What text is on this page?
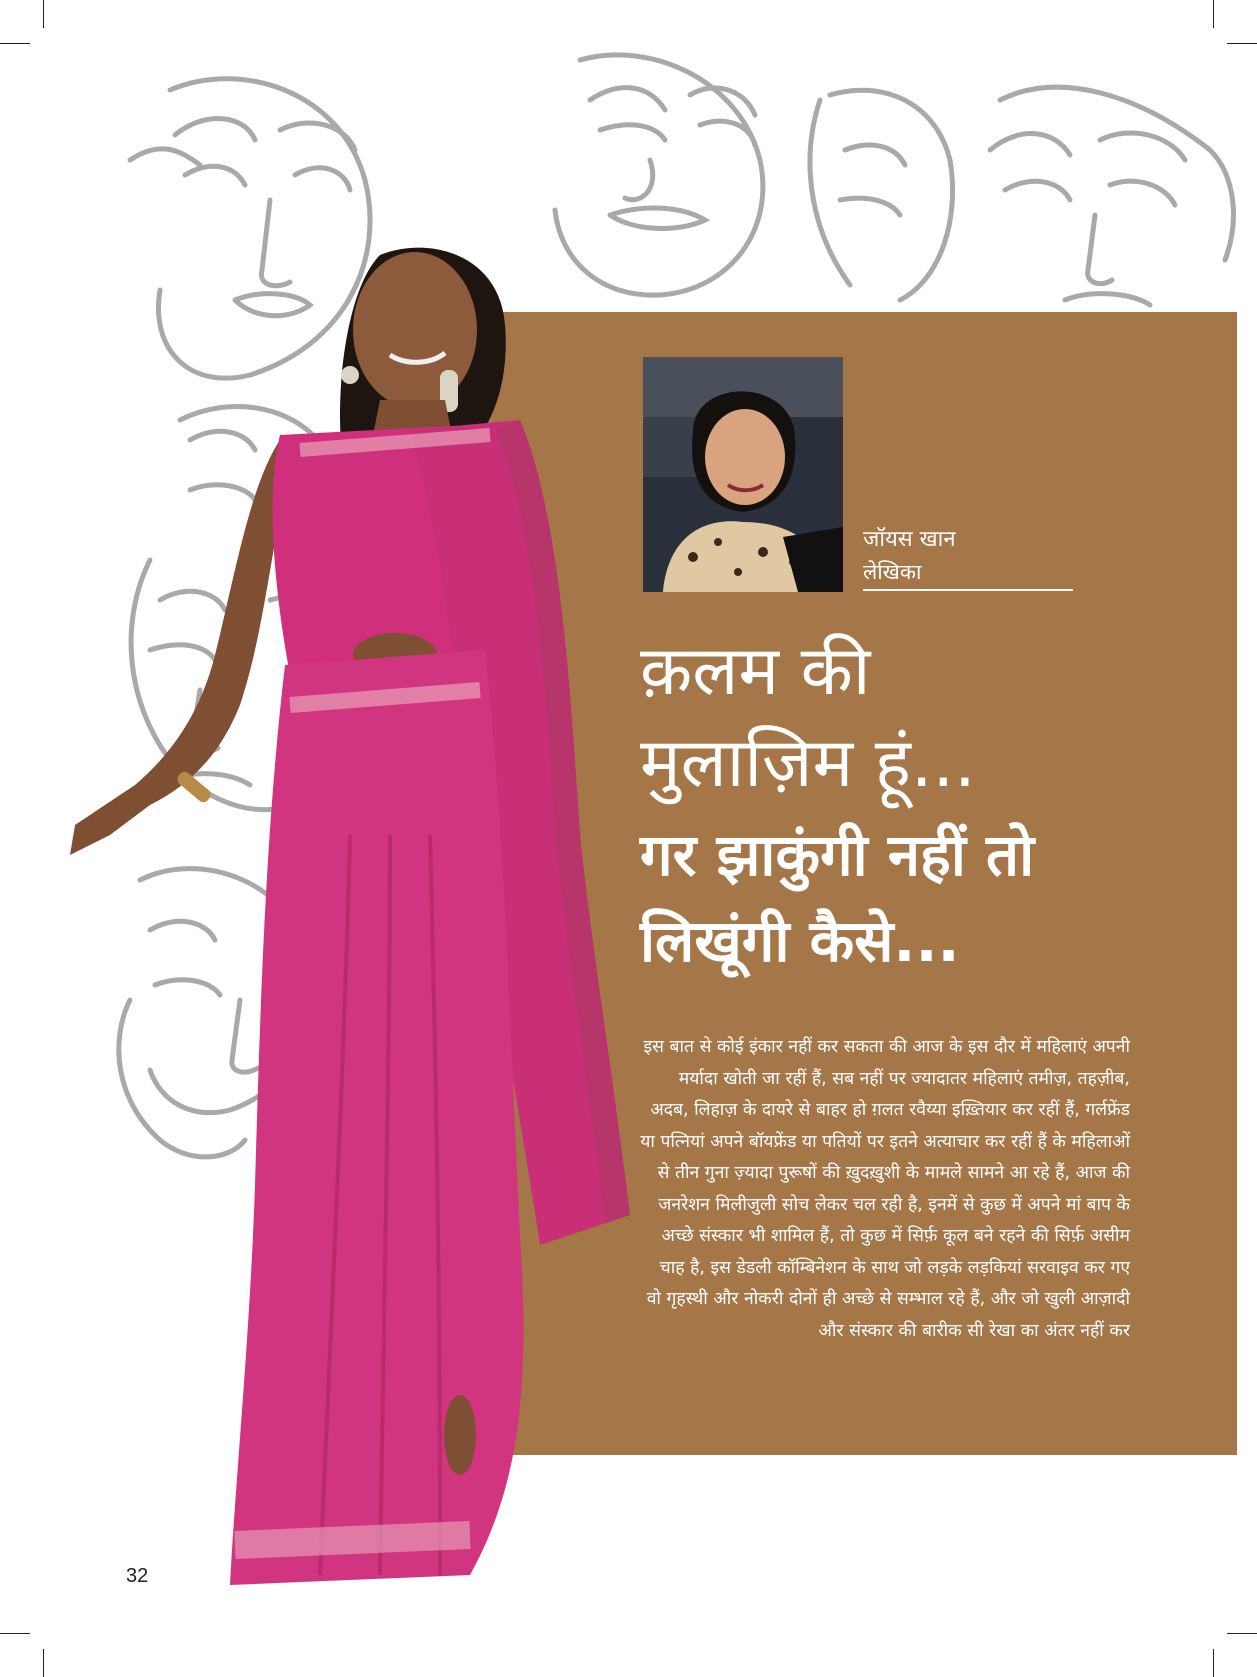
जॉयस खान
लेखिका
क़लम की
मुलाज़िम हूं...
गर झाकुंगी नहीं तो
लिखूंगी कैसे...
इस बात से कोई इंकार नहीं कर सकता की आज के इस दौर में महिलाएं अपनी मर्यादा खोती जा रहीं हैं, सब नहीं पर ज्यादातर महिलाएं तमीज़, तहज़ीब, अदब, लिहाज़ के दायरे से बाहर हो ग़लत रवैय्या इख़्तियार कर रहीं हैं, गर्लफ्रेंड या पत्नियां अपने बॉयफ्रेंड या पतियों पर इतने अत्याचार कर रहीं हैं के महिलाओं से तीन गुना ज़्यादा पुरूषों की ख़ुदख़ुशी के मामले सामने आ रहे हैं, आज की जनरेशन मिलीजुली सोच लेकर चल रही है, इनमें से कुछ में अपने मां बाप के अच्छे संस्कार भी शामिल हैं, तो कुछ में सिर्फ़ कूल बने रहने की सिर्फ़ असीम चाह है, इस डेडली कॉम्बिनेशन के साथ जो लड़के लड़कियां सरवाइव कर गए वो गृहस्थी और नोकरी दोनों ही अच्छे से सम्भाल रहे हैं, और जो खुली आज़ादी और संस्कार की बारीक सी रेखा का अंतर नहीं कर
32
